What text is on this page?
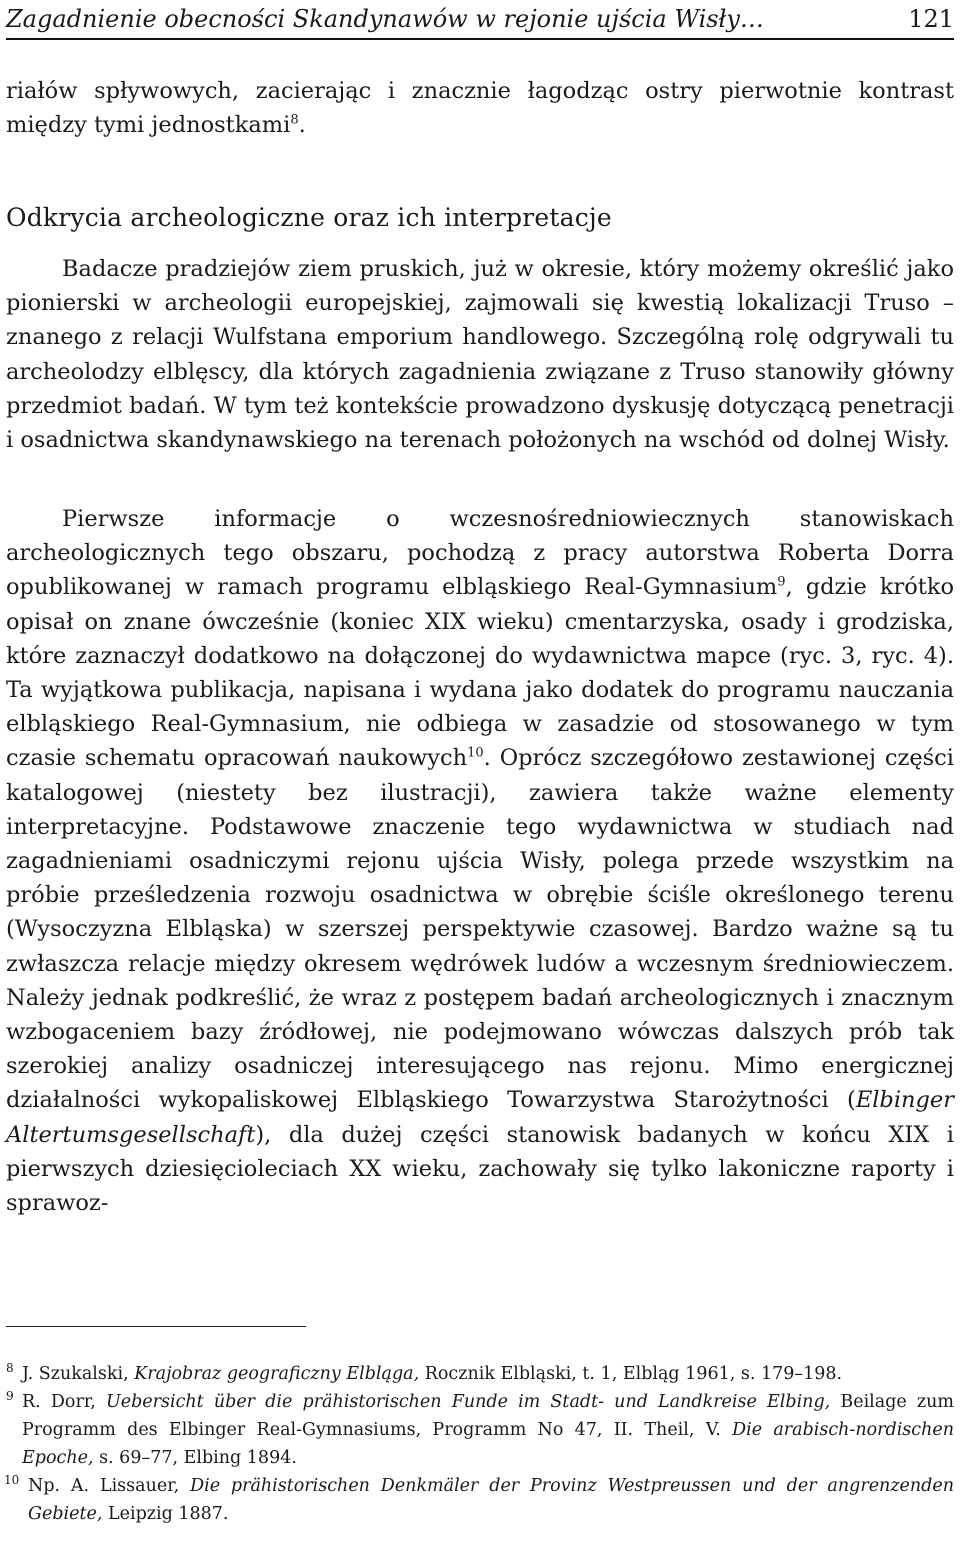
Zagadnienie obecności Skandynawów w rejonie ujścia Wisły…	121

riałów spływowych, zacierając i znacznie łagodząc ostry pierwotnie kontrast między tymi jednostkami$^8$.

Odkrycia archeologiczne oraz ich interpretacje

Badacze pradziejów ziem pruskich, już w okresie, który możemy określić jako pionierski w archeologii europejskiej, zajmowali się kwestią lokalizacji Truso – znanego z relacji Wulfstana emporium handlowego. Szczególną rolę odgrywali tu archeolodzy elblęscy, dla których zagadnienia związane z Truso stanowiły główny przedmiot badań. W tym też kontekście prowadzono dyskusję dotyczącą penetracji i osadnictwa skandynawskiego na terenach położonych na wschód od dolnej Wisły.

Pierwsze informacje o wczesnośredniowiecznych stanowiskach archeologicznych tego obszaru, pochodzą z pracy autorstwa Roberta Dorra opublikowanej w ramach programu elbląskiego Real-Gymnasium$^9$, gdzie krótko opisał on znane ówcześnie (koniec XIX wieku) cmentarzyska, osady i grodziska, które zaznaczył dodatkowo na dołączonej do wydawnictwa mapce (ryc. 3, ryc. 4). Ta wyjątkowa publikacja, napisana i wydana jako dodatek do programu nauczania elbląskiego Real-Gymnasium, nie odbiega w zasadzie od stosowanego w tym czasie schematu opracowań naukowych$^{10}$. Oprócz szczegółowo zestawionej części katalogowej (niestety bez ilustracji), zawiera także ważne elementy interpretacyjne. Podstawowe znaczenie tego wydawnictwa w studiach nad zagadnieniami osadniczymi rejonu ujścia Wisły, polega przede wszystkim na próbie prześledzenia rozwoju osadnictwa w obrębie ściśle określonego terenu (Wysoczyzna Elbląska) w szerszej perspektywie czasowej. Bardzo ważne są tu zwłaszcza relacje między okresem wędrówek ludów a wczesnym średniowieczem. Należy jednak podkreślić, że wraz z postępem badań archeologicznych i znacznym wzbogaceniem bazy źródłowej, nie podejmowano wówczas dalszych prób tak szerokiej analizy osadniczej interesującego nas rejonu. Mimo energicznej działalności wykopaliskowej Elbląskiego Towarzystwa Starożytności (Elbinger Altertumsgesellschaft), dla dużej części stanowisk badanych w końcu XIX i pierwszych dziesięcioleciach XX wieku, zachowały się tylko lakoniczne raporty i sprawoz-

8 J. Szukalski, Krajobraz geograficzny Elbląga, Rocznik Elbląski, t. 1, Elbląg 1961, s. 179–198.
9 R. Dorr, Uebersicht über die prähistorischen Funde im Stadt- und Landkreise Elbing, Beilage zum Programm des Elbinger Real-Gymnasiums, Programm No 47, II. Theil, V. Die arabisch-nordischen Epoche, s. 69–77, Elbing 1894.
10 Np. A. Lissauer, Die prähistorischen Denkmäler der Provinz Westpreussen und der angrenzenden Gebiete, Leipzig 1887.
